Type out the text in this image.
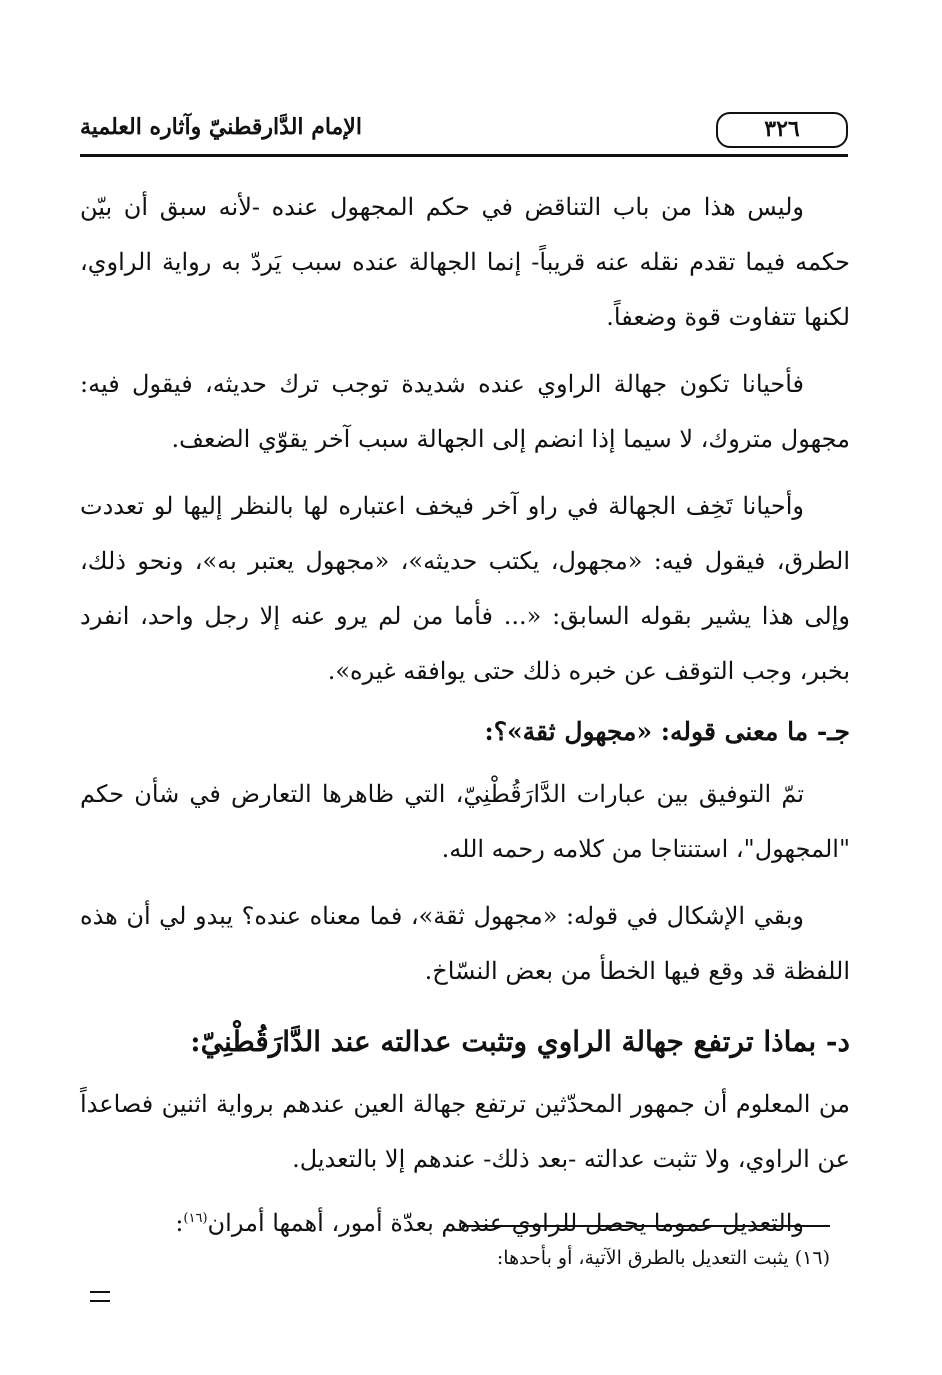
٣٢٦
الإمام الدَّارقطنيّ وآثاره العلمية

وليس هذا من باب التناقض في حكم المجهول عنده -لأنه سبق أن بيّن حكمه فيما تقدم نقله عنه قريباً- إنما الجهالة عنده سبب يَردّ به رواية الراوي، لكنها تتفاوت قوة وضعفاً.

فأحيانا تكون جهالة الراوي عنده شديدة توجب ترك حديثه، فيقول فيه: مجهول متروك، لا سيما إذا انضم إلى الجهالة سبب آخر يقوّي الضعف.

وأحيانا تَخِف الجهالة في راو آخر فيخف اعتباره لها بالنظر إليها لو تعددت الطرق، فيقول فيه: «مجهول، يكتب حديثه»، «مجهول يعتبر به»، ونحو ذلك، وإلى هذا يشير بقوله السابق: «... فأما من لم يرو عنه إلا رجل واحد، انفرد بخبر، وجب التوقف عن خبره ذلك حتى يوافقه غيره».

جـ- ما معنى قوله: «مجهول ثقة»؟:

تمّ التوفيق بين عبارات الدَّارَقُطْنِيّ، التي ظاهرها التعارض في شأن حكم "المجهول"، استنتاجا من كلامه رحمه الله.

وبقي الإشكال في قوله: «مجهول ثقة»، فما معناه عنده؟ يبدو لي أن هذه اللفظة قد وقع فيها الخطأ من بعض النسّاخ.

د- بماذا ترتفع جهالة الراوي وتثبت عدالته عند الدَّارَقُطْنِيّ:

من المعلوم أن جمهور المحدّثين ترتفع جهالة العين عندهم برواية اثنين فصاعداً عن الراوي، ولا تثبت عدالته -بعد ذلك- عندهم إلا بالتعديل.

والتعديل عموما يحصل للراوي عندهم بعدّة أمور، أهمها أمران$^{(١٦)}$:

(١٦) يثبت التعديل بالطرق الآتية، أو بأحدها:
